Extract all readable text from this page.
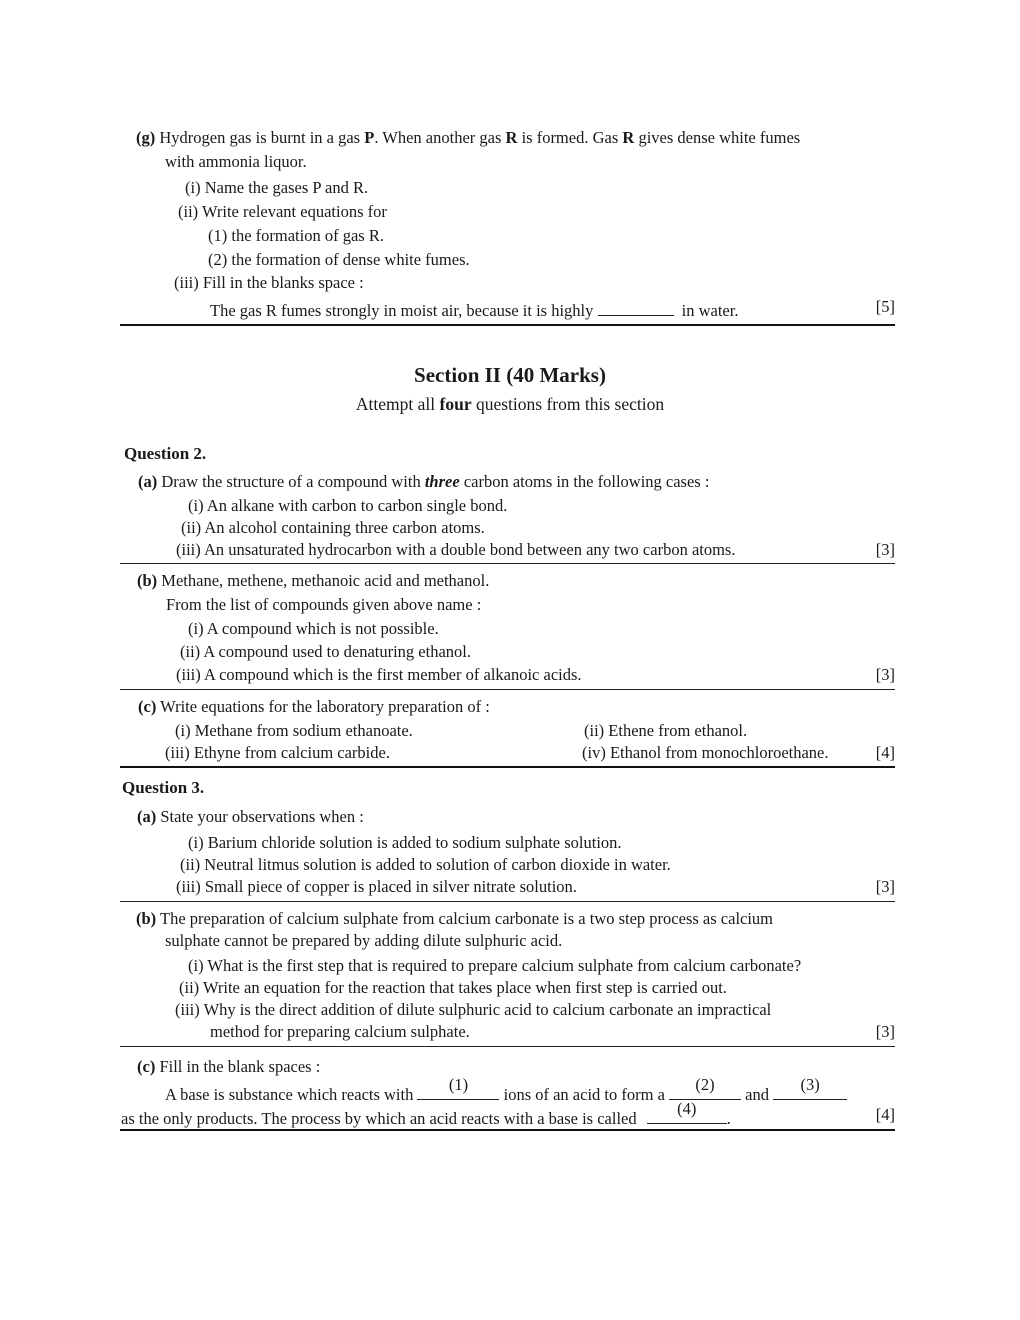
(g) Hydrogen gas is burnt in a gas P. When another gas R is formed. Gas R gives dense white fumes
with ammonia liquor.
(i) Name the gases P and R.
(ii) Write relevant equations for
(1) the formation of gas R.
(2) the formation of dense white fumes.
(iii) Fill in the blanks space :
The gas R fumes strongly in moist air, because it is highly	in water.	[5]
Section II (40 Marks)
Attempt all four questions from this section
Question 2.
(a) Draw the structure of a compound with three carbon atoms in the following cases :
(i) An alkane with carbon to carbon single bond.
(ii) An alcohol containing three carbon atoms.
(iii) An unsaturated hydrocarbon with a double bond between any two carbon atoms.	[3]
(b) Methane, methene, methanoic acid and methanol.
From the list of compounds given above name :
(i) A compound which is not possible.
(ii) A compound used to denaturing ethanol.
(iii) A compound which is the first member of alkanoic acids.	[3]
(c) Write equations for the laboratory preparation of :
(i) Methane from sodium ethanoate.	(ii) Ethene from ethanol.
(iii) Ethyne from calcium carbide.	(iv) Ethanol from monochloroethane.	[4]
Question 3.
(a) State your observations when :
(i) Barium chloride solution is added to sodium sulphate solution.
(ii) Neutral litmus solution is added to solution of carbon dioxide in water.
(iii) Small piece of copper is placed in silver nitrate solution.	[3]
(b) The preparation of calcium sulphate from calcium carbonate is a two step process as calcium
sulphate cannot be prepared by adding dilute sulphuric acid.
(i) What is the first step that is required to prepare calcium sulphate from calcium carbonate?
(ii) Write an equation for the reaction that takes place when first step is carried out.
(iii) Why is the direct addition of dilute sulphuric acid to calcium carbonate an impractical
method for preparing calcium sulphate.	[3]
(c) Fill in the blank spaces :
A base is substance which reacts with
(1)
ions of an acid to form a
(2)
and
(3)
as the only products. The process by which an acid reacts with a base is called
(4)
.	[4]
